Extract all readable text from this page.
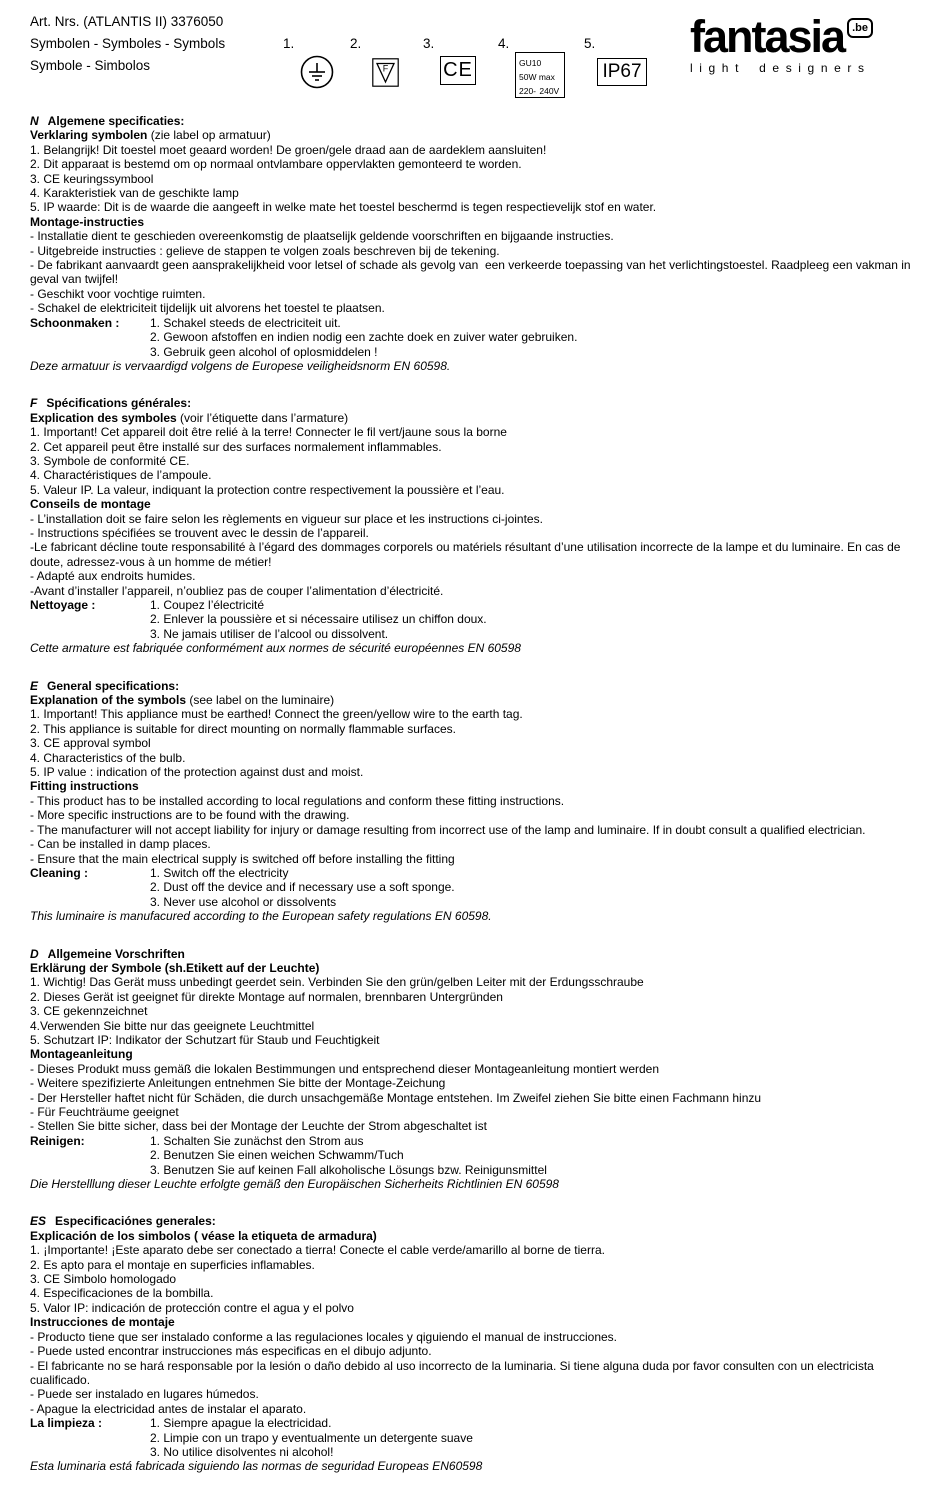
Art. Nrs. (ATLANTIS II) 3376050
Symbolen - Symboles - Symbols
Symbole - Simbolos
1.	2.	3.	4.	5.
F	CE	GU10 50W max 220- 240V
IP67
fantasia .be
light designers
N Algemene specificaties:
Verklaring symbolen (zie label op armatuur)
1. Belangrijk! Dit toestel moet geaard worden! De groen/gele draad aan de aardeklem aansluiten!
2. Dit apparaat is bestemd om op normaal ontvlambare oppervlakten gemonteerd te worden.
3. CE keuringssymbool
4. Karakteristiek van de geschikte lamp
5. IP waarde: Dit is de waarde die aangeeft in welke mate het toestel beschermd is tegen respectievelijk stof en water.
Montage-instructies
- Installatie dient te geschieden overeenkomstig de plaatselijk geldende voorschriften en bijgaande instructies.
- Uitgebreide instructies : gelieve de stappen te volgen zoals beschreven bij de tekening.
- De fabrikant aanvaardt geen aansprakelijkheid voor letsel of schade als gevolg van  een verkeerde toepassing van het verlichtingstoestel. Raadpleeg een vakman in geval van twijfel!
- Geschikt voor vochtige ruimten.
- Schakel de elektriciteit tijdelijk uit alvorens het toestel te plaatsen.
Schoonmaken :	1. Schakel steeds de electriciteit uit.
2. Gewoon afstoffen en indien nodig een zachte doek en zuiver water gebruiken.
3. Gebruik geen alcohol of oplosmiddelen !
Deze armatuur is vervaardigd volgens de Europese veiligheidsnorm EN 60598.
F Spécifications générales:
Explication des symboles (voir l’étiquette dans l’armature)
1. Important! Cet appareil doit être relié à la terre! Connecter le fil vert/jaune sous la borne
2. Cet appareil peut être installé sur des surfaces normalement inflammables.
3. Symbole de conformité CE.
4. Charactéristiques de l’ampoule.
5. Valeur IP. La valeur, indiquant la protection contre respectivement la poussière et l’eau.
Conseils de montage
- L’installation doit se faire selon les règlements en vigueur sur place et les instructions ci-jointes.
- Instructions spécifiées se trouvent avec le dessin de l’appareil.
-Le fabricant décline toute responsabilité à l’égard des dommages corporels ou matériels résultant d’une utilisation incorrecte de la lampe et du luminaire. En cas de doute, adressez-vous à un homme de métier!
- Adapté aux endroits humides.
-Avant d’installer l’appareil, n’oubliez pas de couper l’alimentation d’électricité.
Nettoyage :	1. Coupez l’électricité
2. Enlever la poussière et si nécessaire utilisez un chiffon doux.
3. Ne jamais utiliser de l’alcool ou dissolvent.
Cette armature est fabriquée conformément aux normes de sécurité européennes EN 60598
E General specifications:
Explanation of the symbols (see label on the luminaire)
1. Important! This appliance must be earthed! Connect the green/yellow wire to the earth tag.
2. This appliance is suitable for direct mounting on normally flammable surfaces.
3. CE approval symbol
4. Characteristics of the bulb.
5. IP value : indication of the protection against dust and moist.
Fitting instructions
- This product has to be installed according to local regulations and conform these fitting instructions.
- More specific instructions are to be found with the drawing.
- The manufacturer will not accept liability for injury or damage resulting from incorrect use of the lamp and luminaire. If in doubt consult a qualified electrician.
- Can be installed in damp places.
- Ensure that the main electrical supply is switched off before installing the fitting
Cleaning :	1. Switch off the electricity
2. Dust off the device and if necessary use a soft sponge.
3. Never use alcohol or dissolvents
This luminaire is manufacured according to the European safety regulations EN 60598.
D Allgemeine Vorschriften
Erklärung der Symbole (sh.Etikett auf der Leuchte)
1. Wichtig! Das Gerät muss unbedingt geerdet sein. Verbinden Sie den grün/gelben Leiter mit der Erdungsschraube
2. Dieses Gerät ist geeignet für direkte Montage auf normalen, brennbaren Untergründen
3. CE gekennzeichnet
4.Verwenden Sie bitte nur das geeignete Leuchtmittel
5. Schutzart IP: Indikator der Schutzart für Staub und Feuchtigkeit
Montageanleitung
- Dieses Produkt muss gemäß die lokalen Bestimmungen und entsprechend dieser Montageanleitung montiert werden
- Weitere spezifizierte Anleitungen entnehmen Sie bitte der Montage-Zeichung
- Der Hersteller haftet nicht für Schäden, die durch unsachgemäße Montage entstehen. Im Zweifel ziehen Sie bitte einen Fachmann hinzu
- Für Feuchträume geeignet
- Stellen Sie bitte sicher, dass bei der Montage der Leuchte der Strom abgeschaltet ist
Reinigen:	1. Schalten Sie zunächst den Strom aus
2. Benutzen Sie einen weichen Schwamm/Tuch
3. Benutzen Sie auf keinen Fall alkoholische Lösungs bzw. Reinigunsmittel
Die Herstelllung dieser Leuchte erfolgte gemäß den Europäischen Sicherheits Richtlinien EN 60598
ES Especificaciónes generales:
Explicación de los simbolos ( véase la etiqueta de armadura)
1. ¡Importante! ¡Este aparato debe ser conectado a tierra! Conecte el cable verde/amarillo al borne de tierra.
2. Es apto para el montaje en superficies inflamables.
3. CE Simbolo homologado
4. Especificaciones de la bombilla.
5. Valor IP: indicación de protección contre el agua y el polvo
Instrucciones de montaje
- Producto tiene que ser instalado conforme a las regulaciones locales y qiguiendo el manual de instrucciones.
- Puede usted encontrar instrucciones más especificas en el dibujo adjunto.
- El fabricante no se hará responsable por la lesión o daño debido al uso incorrecto de la luminaria. Si tiene alguna duda por favor consulten con un electricista cualificado.
- Puede ser instalado en lugares húmedos.
- Apague la electricidad antes de instalar el aparato.
La limpieza :	1. Siempre apague la electricidad.
2. Limpie con un trapo y eventualmente un detergente suave
3. No utilice disolventes ni alcohol!
Esta luminaria está fabricada siguiendo las normas de seguridad Europeas EN60598
